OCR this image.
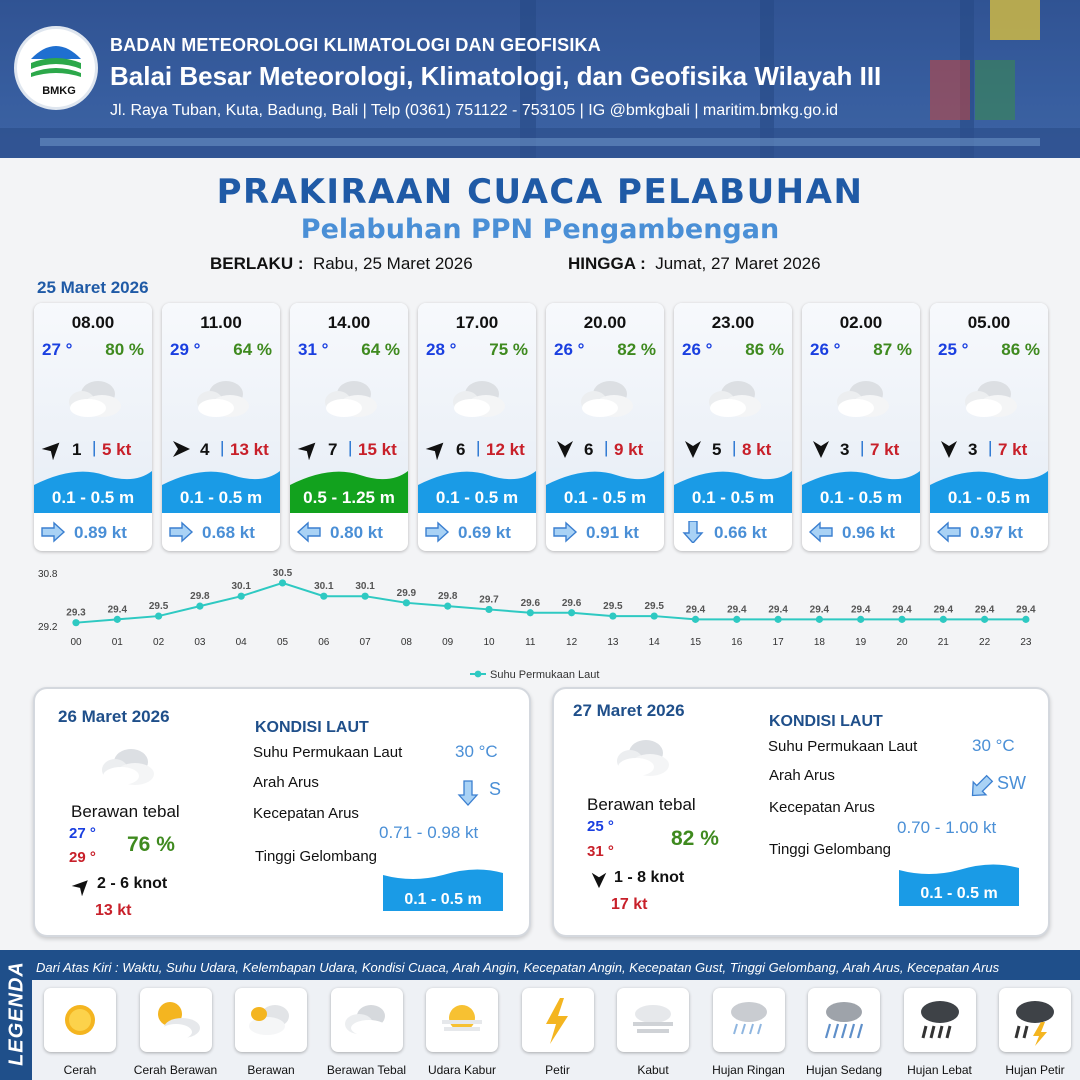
BMKG
BADAN METEOROLOGI KLIMATOLOGI DAN GEOFISIKA
Balai Besar Meteorologi, Klimatologi, dan Geofisika Wilayah III
Jl. Raya Tuban, Kuta, Badung, Bali | Telp (0361) 751122 - 753105 | IG @bmkgbali | maritim.bmkg.go.id
PRAKIRAAN CUACA PELABUHAN
Pelabuhan PPN Pengambengan
BERLAKU : Rabu, 25 Maret 2026	HINGGA : Jumat, 27 Maret 2026
25 Maret 2026
08.00
27 ° 80 %
1 | 5 kt
0.1 - 0.5 m
0.89 kt
11.00
29 ° 64 %
4 | 13 kt
0.1 - 0.5 m
0.68 kt
14.00
31 ° 64 %
7 | 15 kt
0.5 - 1.25 m
0.80 kt
17.00
28 ° 75 %
6 | 12 kt
0.1 - 0.5 m
0.69 kt
20.00
26 ° 82 %
6 | 9 kt
0.1 - 0.5 m
0.91 kt
23.00
26 ° 86 %
5 | 8 kt
0.1 - 0.5 m
0.66 kt
02.00
26 ° 87 %
3 | 7 kt
0.1 - 0.5 m
0.96 kt
05.00
25 ° 86 %
3 | 7 kt
0.1 - 0.5 m
0.97 kt
30.8
29.2
29.3
00
29.4
01
29.5
02
29.8
03
30.1
04
30.5
05
30.1
06
30.1
07
29.9
08
29.8
09
29.7
10
29.6
11
29.6
12
29.5
13
29.5
14
29.4
15
29.4
16
29.4
17
29.4
18
29.4
19
29.4
20
29.4
21
29.4
22
29.4
23
Suhu Permukaan Laut
26 Maret 2026
Berawan tebal
27 °
29 °
76 %
2 - 6 knot
13 kt
KONDISI LAUT
Suhu Permukaan Laut	30 °C
Arah Arus	S
Kecepatan Arus
0.71 - 0.98 kt
Tinggi Gelombang
0.1 - 0.5 m
27 Maret 2026
Berawan tebal
25 °
31 °
82 %
1 - 8 knot
17 kt
KONDISI LAUT
Suhu Permukaan Laut	30 °C
Arah Arus	SW
Kecepatan Arus
0.70 - 1.00 kt
Tinggi Gelombang
0.1 - 0.5 m
LEGENDA Dari Atas Kiri : Waktu, Suhu Udara, Kelembapan Udara, Kondisi Cuaca, Arah Angin, Kecepatan Angin, Kecepatan Gust, Tinggi Gelombang, Arah Arus, Kecepatan Arus
Cerah	Cerah Berawan	Berawan	Berawan Tebal	Udara Kabur	Petir	Kabut	Hujan Ringan	Hujan Sedang	Hujan Lebat	Hujan Petir
